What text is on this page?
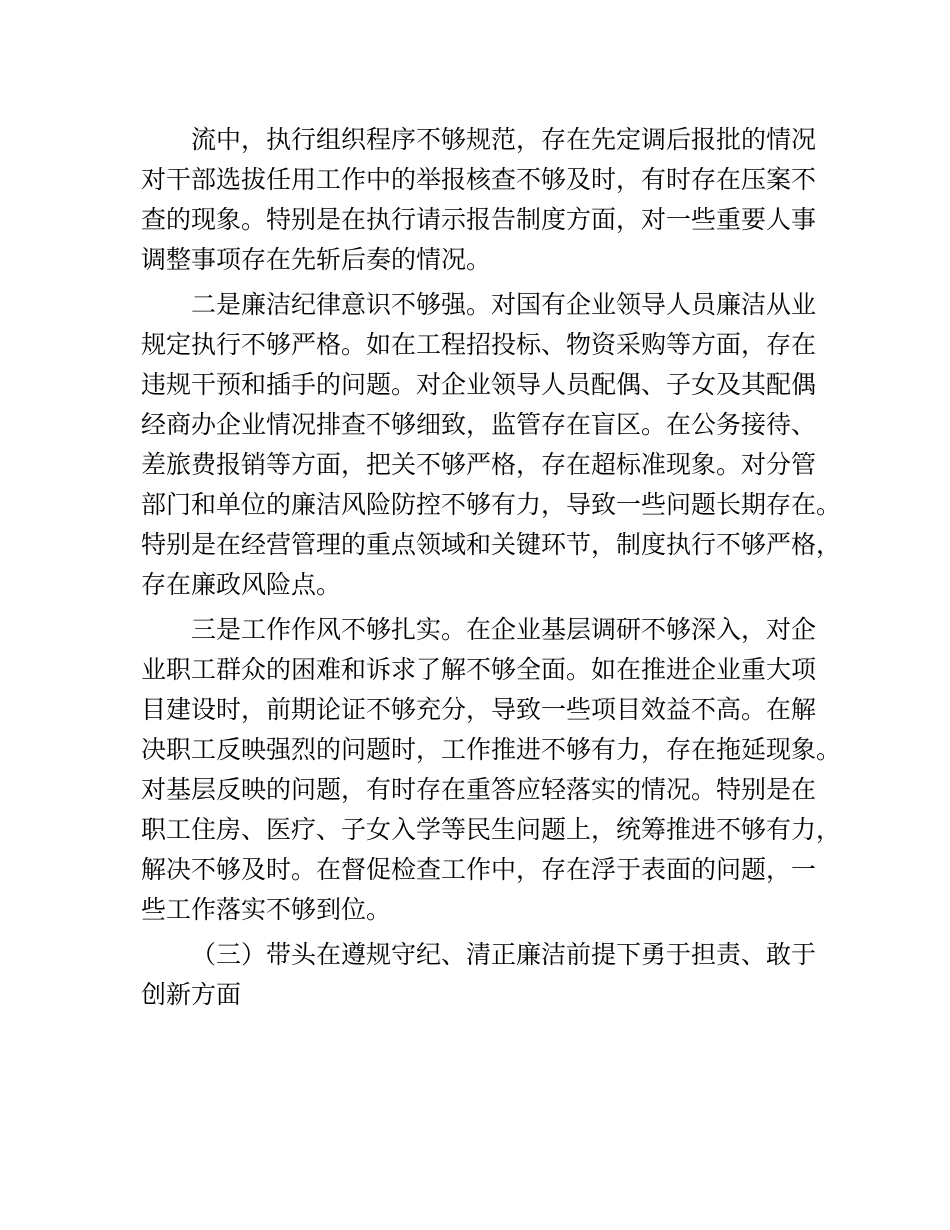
流中，执行组织程序不够规范，存在先定调后报批的情况
对干部选拔任用工作中的举报核查不够及时，有时存在压案不
查的现象。特别是在执行请示报告制度方面，对一些重要人事
调整事项存在先斩后奏的情况。
二是廉洁纪律意识不够强。对国有企业领导人员廉洁从业
规定执行不够严格。如在工程招投标、物资采购等方面，存在
违规干预和插手的问题。对企业领导人员配偶、子女及其配偶
经商办企业情况排查不够细致，监管存在盲区。在公务接待、
差旅费报销等方面，把关不够严格，存在超标准现象。对分管
部门和单位的廉洁风险防控不够有力，导致一些问题长期存在。
特别是在经营管理的重点领域和关键环节，制度执行不够严格，
存在廉政风险点。
三是工作作风不够扎实。在企业基层调研不够深入，对企
业职工群众的困难和诉求了解不够全面。如在推进企业重大项
目建设时，前期论证不够充分，导致一些项目效益不高。在解
决职工反映强烈的问题时，工作推进不够有力，存在拖延现象。
对基层反映的问题，有时存在重答应轻落实的情况。特别是在
职工住房、医疗、子女入学等民生问题上，统筹推进不够有力，
解决不够及时。在督促检查工作中，存在浮于表面的问题，一
些工作落实不够到位。
（三）带头在遵规守纪、清正廉洁前提下勇于担责、敢于
创新方面
